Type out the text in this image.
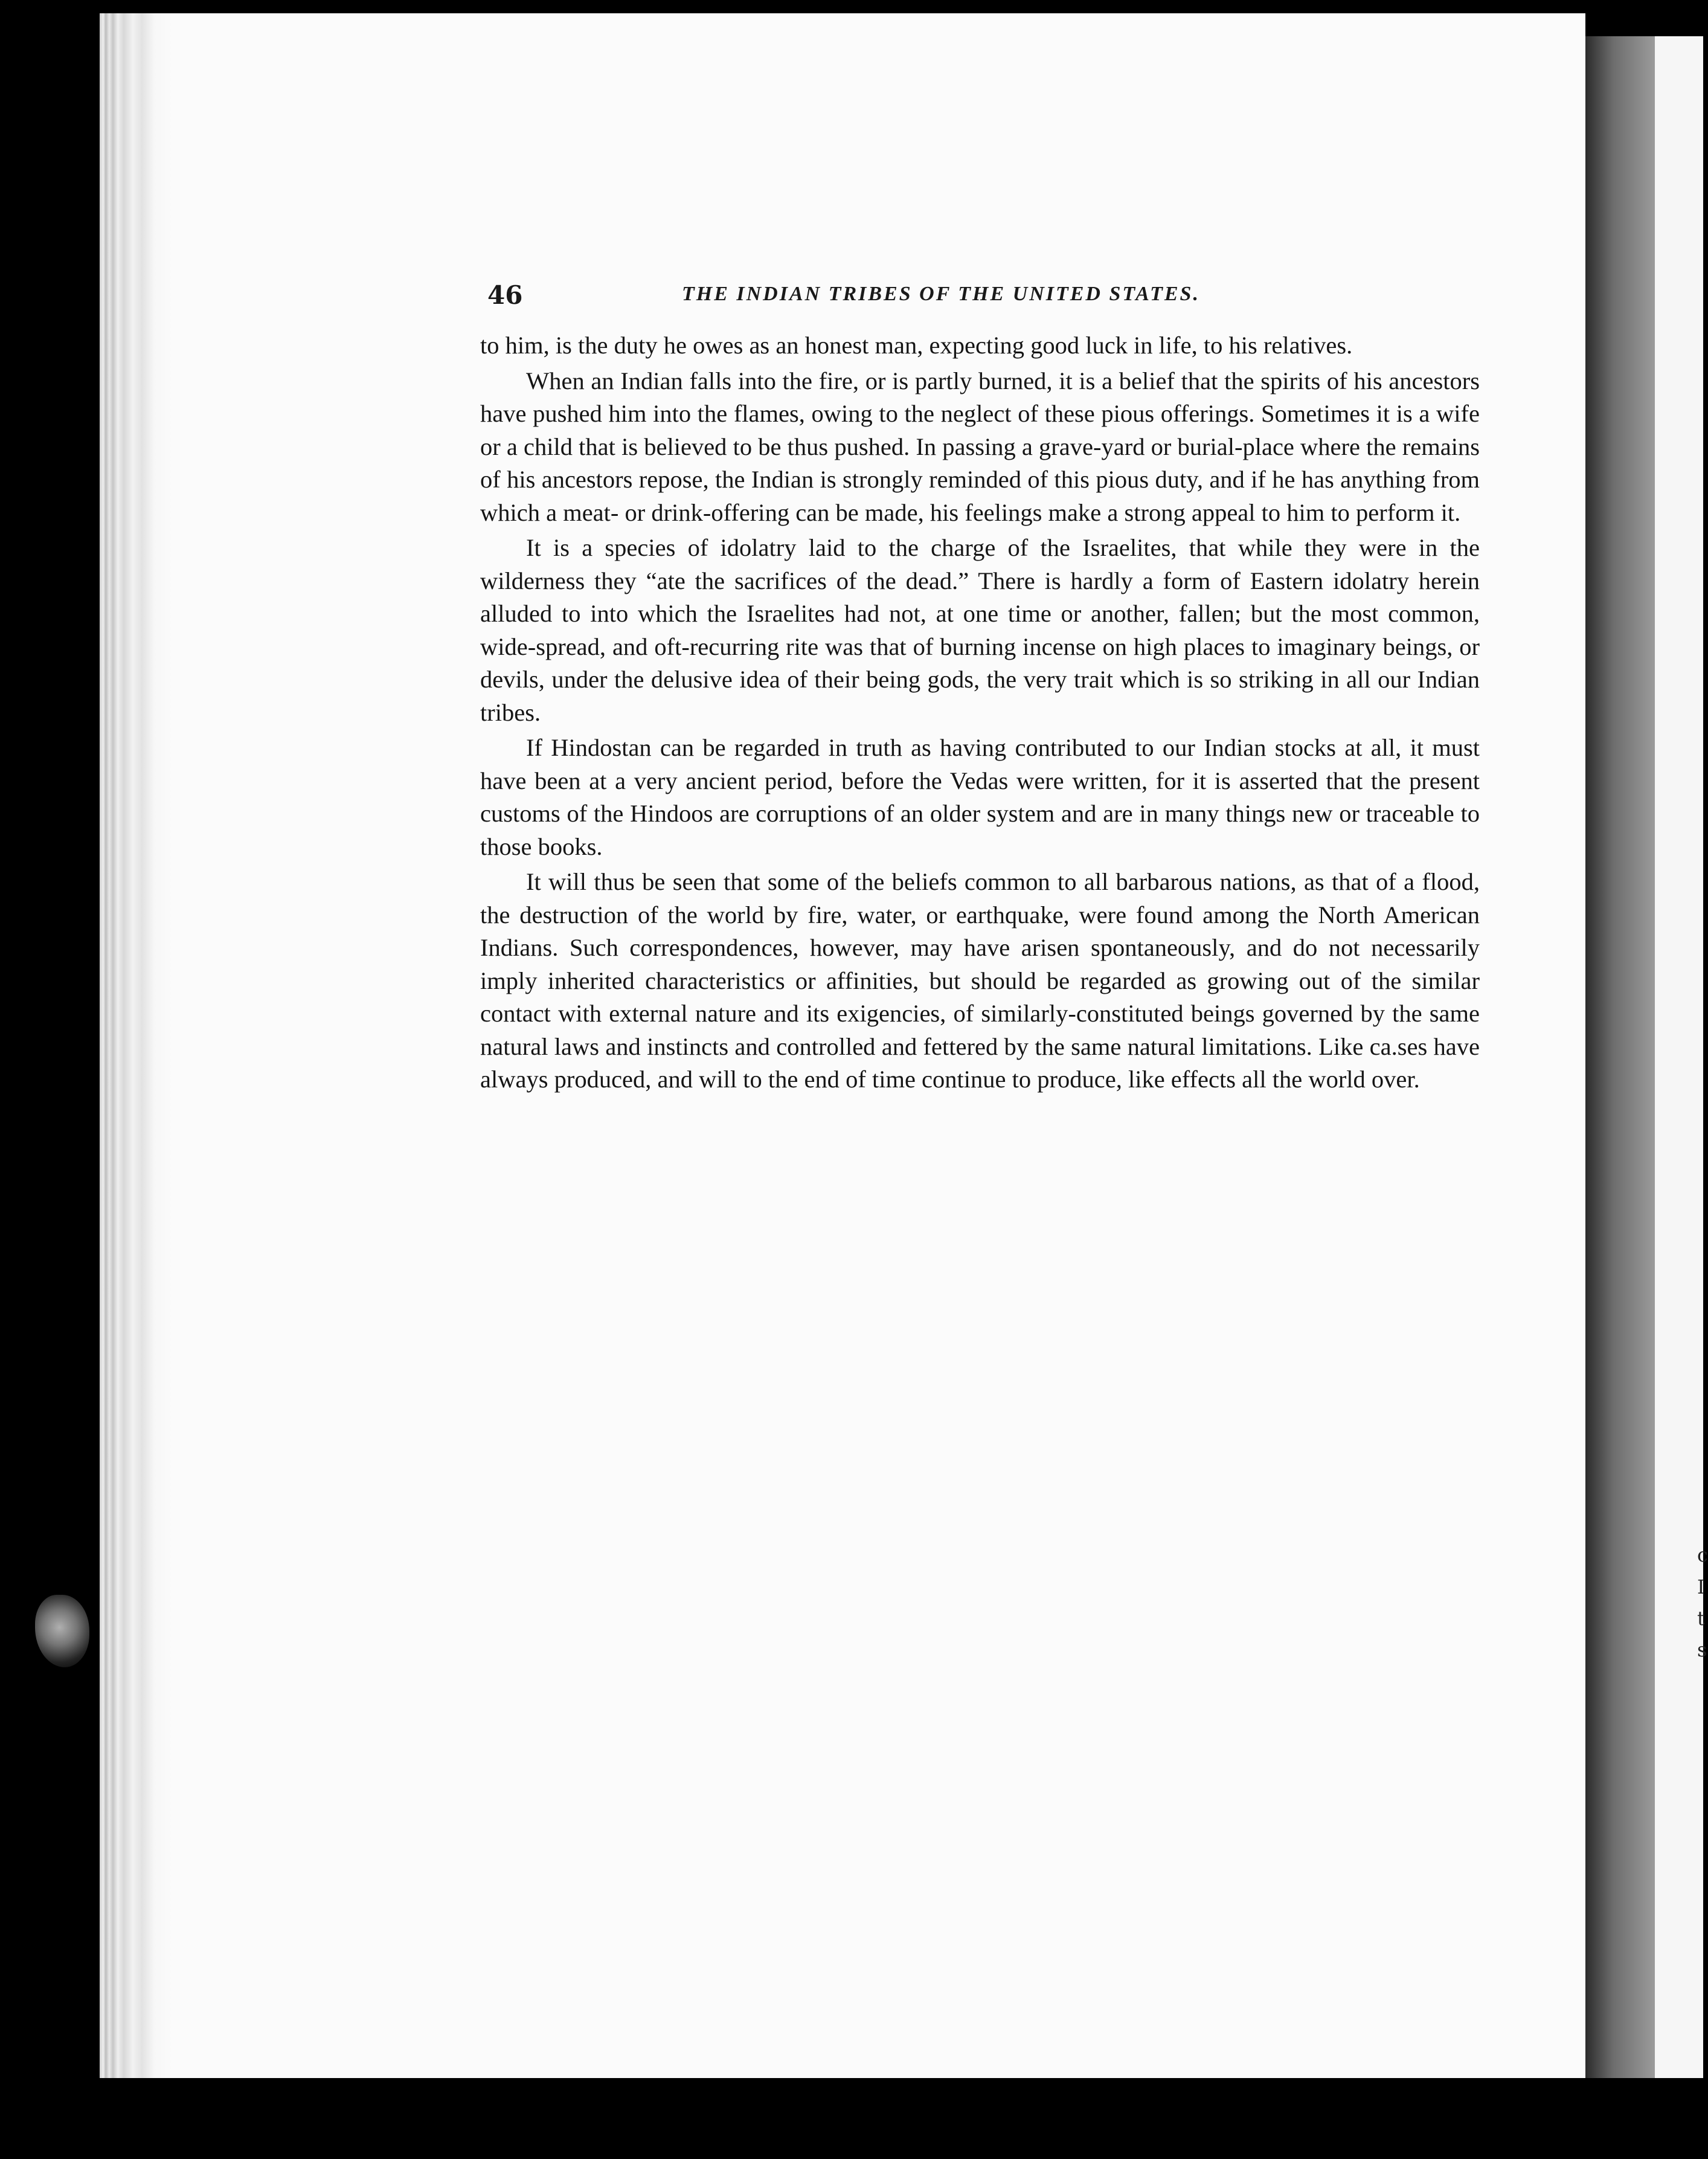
c
I
t
s
46	THE INDIAN TRIBES OF THE UNITED STATES.

to him, is the duty he owes as an honest man, expecting good luck in life, to his relatives.

When an Indian falls into the fire, or is partly burned, it is a belief that the spirits of his ancestors have pushed him into the flames, owing to the neglect of these pious offerings. Sometimes it is a wife or a child that is believed to be thus pushed. In passing a grave-yard or burial-place where the remains of his ancestors repose, the Indian is strongly reminded of this pious duty, and if he has anything from which a meat- or drink-offering can be made, his feelings make a strong appeal to him to perform it.

It is a species of idolatry laid to the charge of the Israelites, that while they were in the wilderness they “ate the sacrifices of the dead.” There is hardly a form of Eastern idolatry herein alluded to into which the Israelites had not, at one time or another, fallen; but the most common, wide-spread, and oft-recurring rite was that of burning incense on high places to imaginary beings, or devils, under the delusive idea of their being gods, the very trait which is so striking in all our Indian tribes.

If Hindostan can be regarded in truth as having contributed to our Indian stocks at all, it must have been at a very ancient period, before the Vedas were written, for it is asserted that the present customs of the Hindoos are corruptions of an older system and are in many things new or traceable to those books.

It will thus be seen that some of the beliefs common to all barbarous nations, as that of a flood, the destruction of the world by fire, water, or earthquake, were found among the North American Indians. Such correspondences, however, may have arisen spontaneously, and do not necessarily imply inherited characteristics or affinities, but should be regarded as growing out of the similar contact with external nature and its exigencies, of similarly-constituted beings governed by the same natural laws and instincts and controlled and fettered by the same natural limitations. Like ca.ses have always produced, and will to the end of time continue to produce, like effects all the world over.
